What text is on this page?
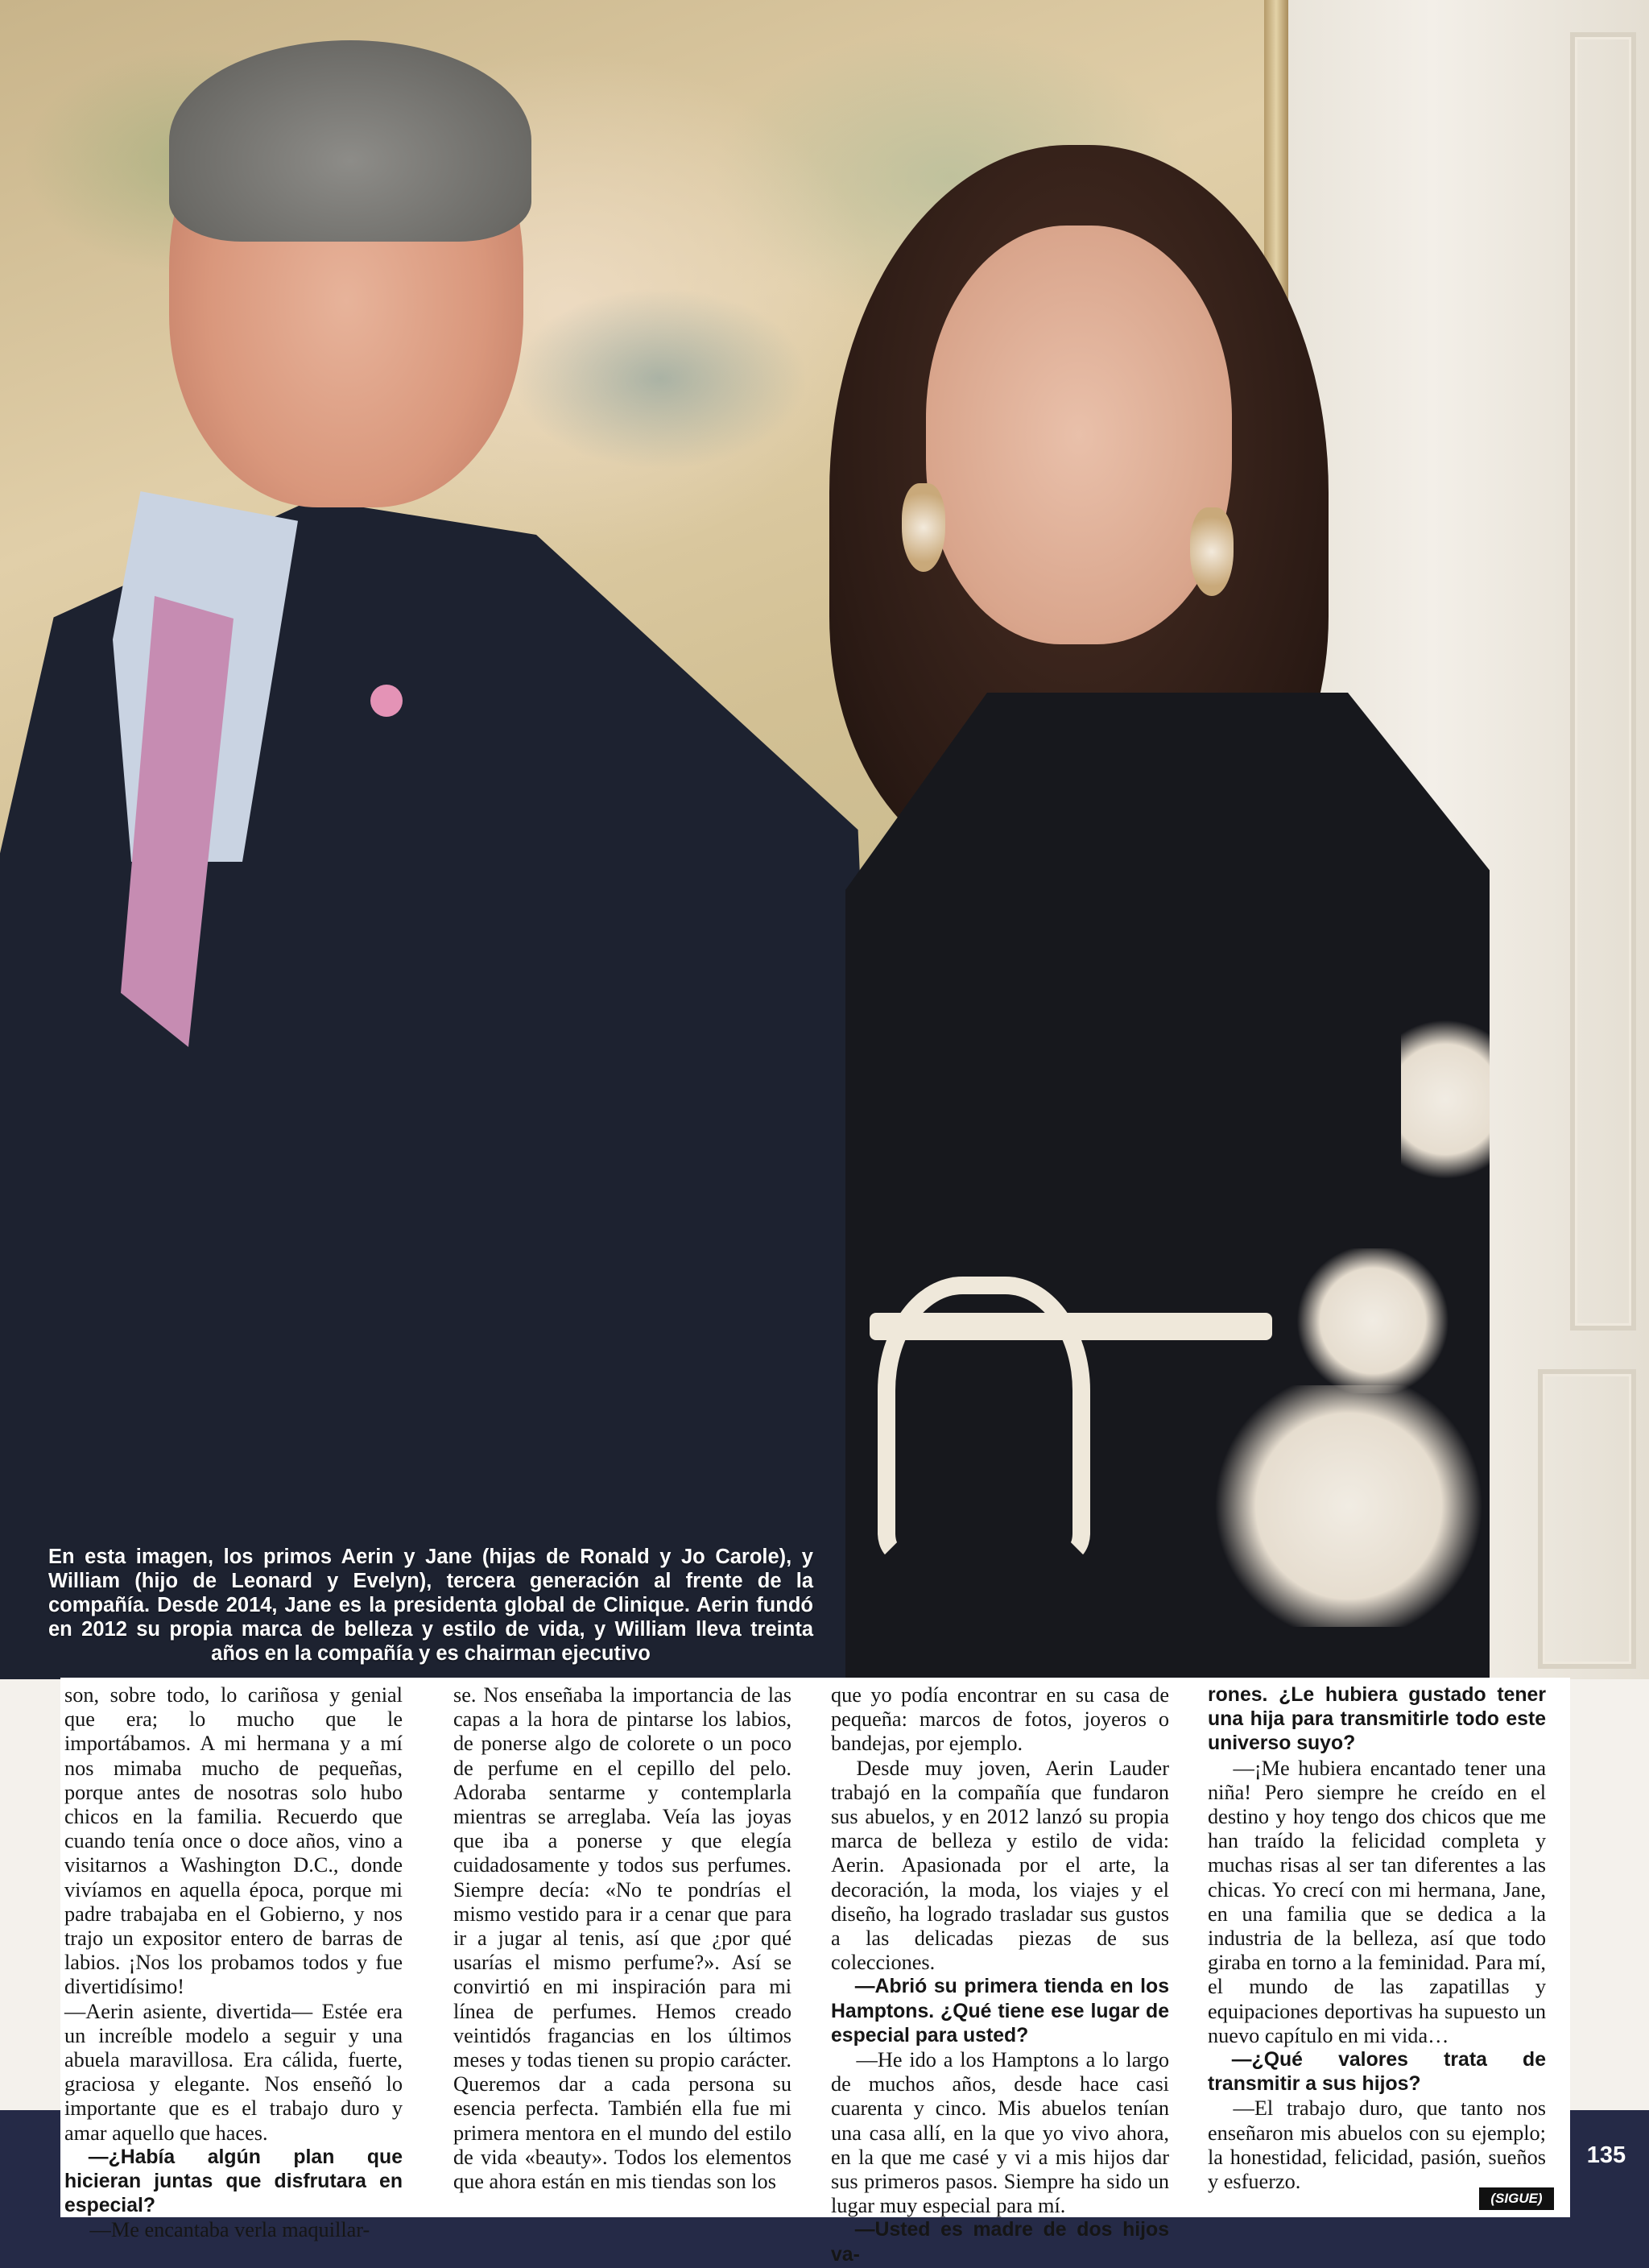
En esta imagen, los primos Aerin y Jane (hijas de Ronald y Jo Carole), y William (hijo de Leonard y Evelyn), tercera generación al frente de la compañía. Desde 2014, Jane es la presidenta global de Clinique. Aerin fundó en 2012 su propia marca de belleza y estilo de vida, y William lleva treinta años en la compañía y es chairman ejecutivo

son, sobre todo, lo cariñosa y genial que era; lo mucho que le importábamos. A mi hermana y a mí nos mimaba mucho de pequeñas, porque antes de nosotras solo hubo chicos en la familia. Recuerdo que cuando tenía once o doce años, vino a visitarnos a Washington D.C., donde vivíamos en aquella época, porque mi padre trabajaba en el Gobierno, y nos trajo un expositor entero de barras de labios. ¡Nos los probamos todos y fue divertidísimo!

—Aerin asiente, divertida— Estée era un increíble modelo a seguir y una abuela maravillosa. Era cálida, fuerte, graciosa y elegante. Nos enseñó lo importante que es el trabajo duro y amar aquello que haces.

—¿Había algún plan que hicieran juntas que disfrutara en especial?

—Me encantaba verla maquillar-

se. Nos enseñaba la importancia de las capas a la hora de pintarse los labios, de ponerse algo de colorete o un poco de perfume en el cepillo del pelo. Adoraba sentarme y contemplarla mientras se arreglaba. Veía las joyas que iba a ponerse y que elegía cuidadosamente y todos sus perfumes. Siempre decía: «No te pondrías el mismo vestido para ir a cenar que para ir a jugar al tenis, así que ¿por qué usarías el mismo perfume?». Así se convirtió en mi inspiración para mi línea de perfumes. Hemos creado veintidós fragancias en los últimos meses y todas tienen su propio carácter. Queremos dar a cada persona su esencia perfecta. También ella fue mi primera mentora en el mundo del estilo de vida «beauty». Todos los elementos que ahora están en mis tiendas son los

que yo podía encontrar en su casa de pequeña: marcos de fotos, joyeros o bandejas, por ejemplo.

Desde muy joven, Aerin Lauder trabajó en la compañía que fundaron sus abuelos, y en 2012 lanzó su propia marca de belleza y estilo de vida: Aerin. Apasionada por el arte, la decoración, la moda, los viajes y el diseño, ha logrado trasladar sus gustos a las delicadas piezas de sus colecciones.

—Abrió su primera tienda en los Hamptons. ¿Qué tiene ese lugar de especial para usted?

—He ido a los Hamptons a lo largo de muchos años, desde hace casi cuarenta y cinco. Mis abuelos tenían una casa allí, en la que yo vivo ahora, en la que me casé y vi a mis hijos dar sus primeros pasos. Siempre ha sido un lugar muy especial para mí.

—Usted es madre de dos hijos va-

rones. ¿Le hubiera gustado tener una hija para transmitirle todo este universo suyo?

—¡Me hubiera encantado tener una niña! Pero siempre he creído en el destino y hoy tengo dos chicos que me han traído la felicidad completa y muchas risas al ser tan diferentes a las chicas. Yo crecí con mi hermana, Jane, en una familia que se dedica a la industria de la belleza, así que todo giraba en torno a la feminidad. Para mí, el mundo de las zapatillas y equipaciones deportivas ha supuesto un nuevo capítulo en mi vida…

—¿Qué valores trata de transmitir a sus hijos?

—El trabajo duro, que tanto nos enseñaron mis abuelos con su ejemplo; la honestidad, felicidad, pasión, sueños y esfuerzo.

135
(SIGUE)
